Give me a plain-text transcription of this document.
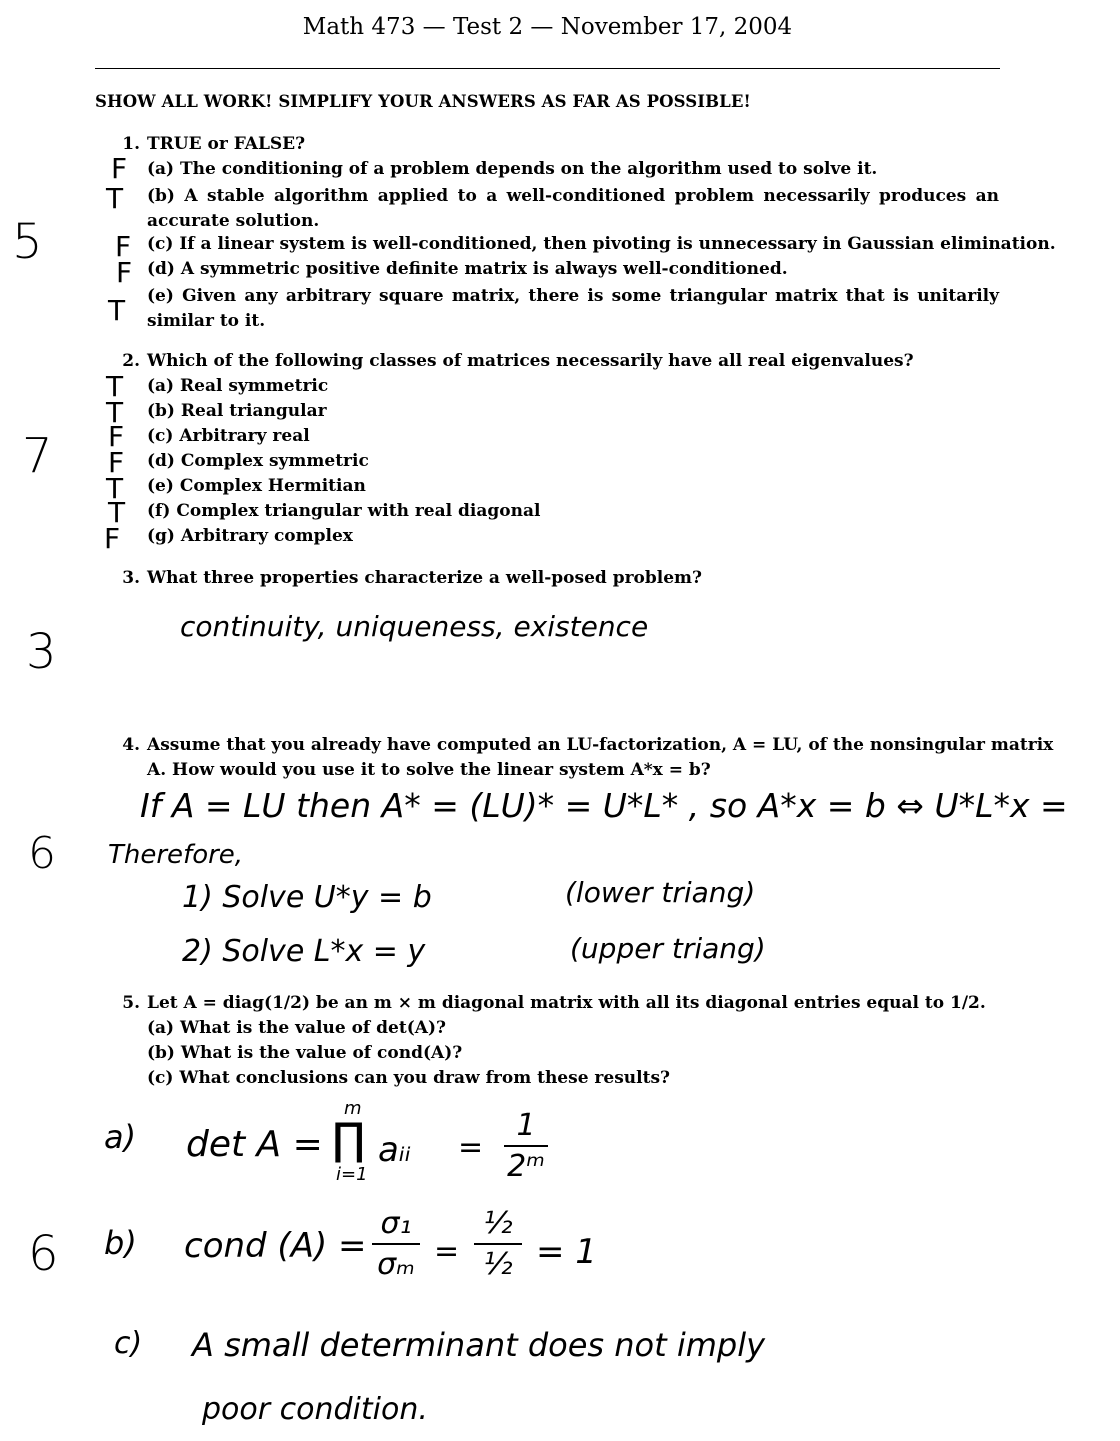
Math 473 — Test 2 — November 17, 2004
SHOW ALL WORK! SIMPLIFY YOUR ANSWERS AS FAR AS POSSIBLE!
1. TRUE or FALSE?
(a) The conditioning of a problem depends on the algorithm used to solve it.
(b) A stable algorithm applied to a well-conditioned problem necessarily produces an accurate solution.
(c) If a linear system is well-conditioned, then pivoting is unnecessary in Gaussian elimination.
(d) A symmetric positive definite matrix is always well-conditioned.
(e) Given any arbitrary square matrix, there is some triangular matrix that is unitarily similar to it.
F
T
F
F
T
5
2. Which of the following classes of matrices necessarily have all real eigenvalues?
(a) Real symmetric
(b) Real triangular
(c) Arbitrary real
(d) Complex symmetric
(e) Complex Hermitian
(f) Complex triangular with real diagonal
(g) Arbitrary complex
T
T
F
F
T
T
F
7
3. What three properties characterize a well-posed problem?
continuity, uniqueness, existence
3
4. Assume that you already have computed an LU-factorization, A = LU, of the nonsingular matrix
A. How would you use it to solve the linear system A*x = b?
If A = LU then A* = (LU)* = U*L* , so A*x = b ⇔ U*L*x =
Therefore,
1) Solve U*y = b	(lower triang)
2) Solve L*x = y	(upper triang)
6
5. Let A = diag(1/2) be an m × m diagonal matrix with all its diagonal entries equal to 1/2.
(a) What is the value of det(A)?
(b) What is the value of cond(A)?
(c) What conclusions can you draw from these results?
a) det A =
m
∏
i=1
aᵢᵢ = $\frac{1}{\text{2ᵐ}}$
b) cond $(A) = \frac{\text{σ₁}}{\text{σₘ}} = \frac{\text{½}}{\text{½}} = 1$
c) A small determinant does not imply
poor condition.
6
